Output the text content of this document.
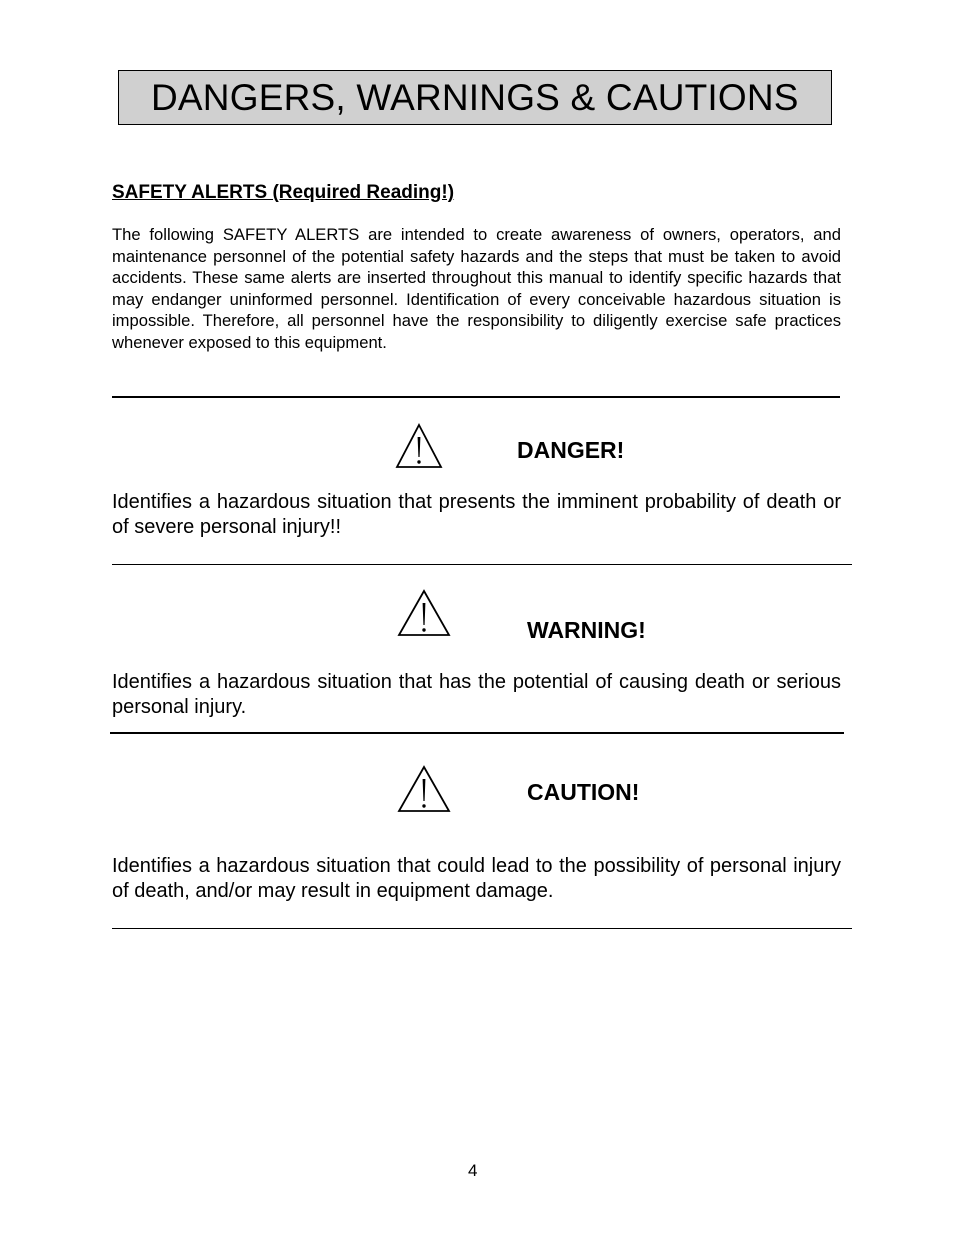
DANGERS, WARNINGS & CAUTIONS
SAFETY ALERTS (Required Reading!)

The following SAFETY ALERTS are intended to create awareness of owners, operators, and maintenance personnel of the potential safety hazards and the steps that must be taken to avoid accidents. These same alerts are inserted throughout this manual to identify specific hazards that may endanger uninformed personnel. Identification of every conceivable hazardous situation is impossible. Therefore, all personnel have the responsibility to diligently exercise safe practices whenever exposed to this equipment.

DANGER!

Identifies a hazardous situation that presents the imminent probability of death or of severe personal injury!!

WARNING!

Identifies a hazardous situation that has the potential of causing death or serious personal injury.

CAUTION!

Identifies a hazardous situation that could lead to the possibility of personal injury of death, and/or may result in equipment damage.

4
